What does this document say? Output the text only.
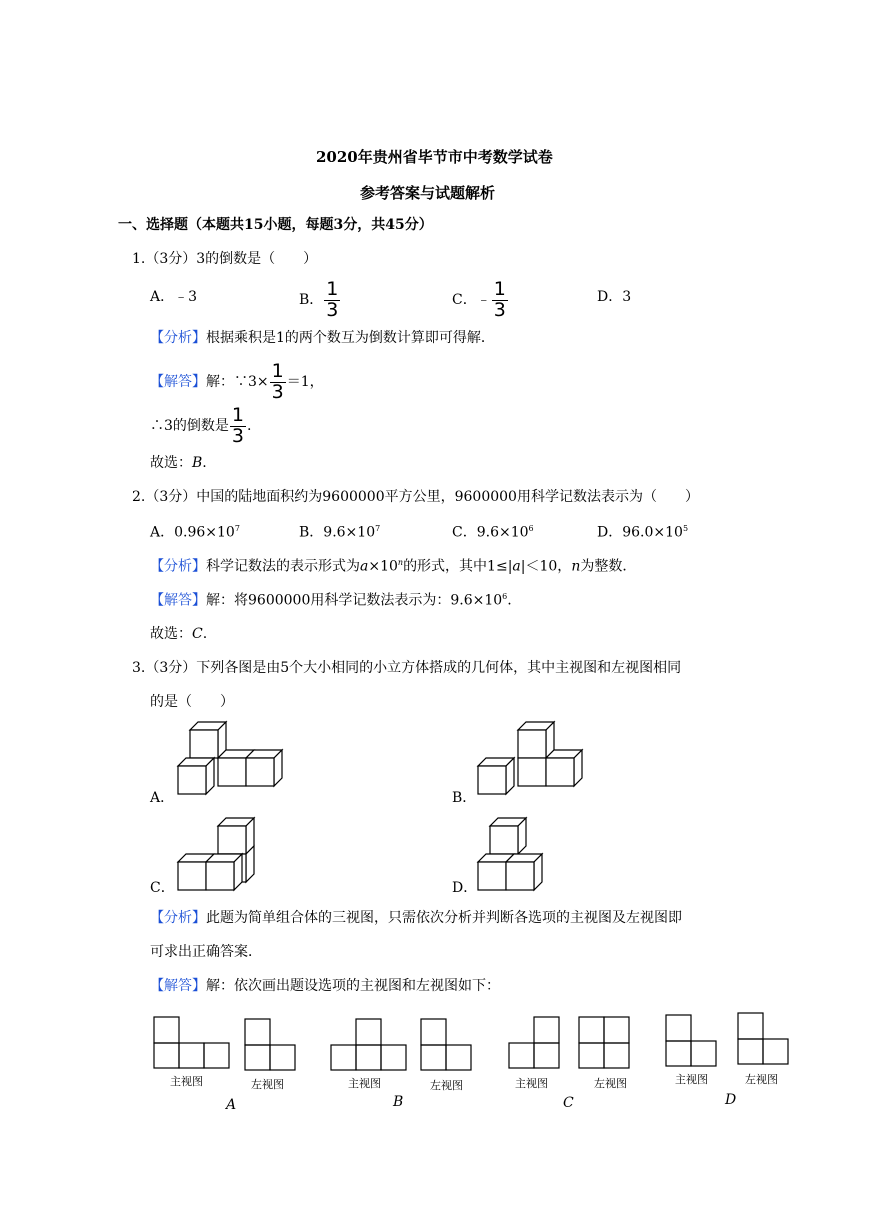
2020年贵州省毕节市中考数学试卷
参考答案与试题解析
一、选择题（本题共15小题，每题3分，共45分）
1.（3分）3的倒数是（　　）
A．﹣3	B． $\frac{1}{3}$	C．﹣ $\frac{1}{3}$	D．3
【分析】根据乘积是1的两个数互为倒数计算即可得解．
【解答】解：∵3× $\frac{1}{3} =1$，
∴3的倒数是 $\frac{1}{3}$ .
故选：B.
2.（3分）中国的陆地面积约为9600000平方公里，9600000用科学记数法表示为（　　）
A．$0.96\times 10^7$	B．$9.6\times 10^7$	C．$9.6\times 10^6$	D．$96.0\times 10^5$
【分析】科学记数法的表示形式为$a\times 10^n$的形式，其中1≤|a|＜10，n为整数．
【解答】解：将9600000用科学记数法表示为：$9.6\times 10^6$.
故选：C.
3.（3分）下列各图是由5个大小相同的小立方体搭成的几何体，其中主视图和左视图相同
的是（　　）
A．	B．
C．	D．
【分析】此题为简单组合体的三视图，只需依次分析并判断各选项的主视图及左视图即
可求出正确答案．
【解答】解：依次画出题设选项的主视图和左视图如下：
主视图	左视图
A
主视图	左视图
B
主视图	左视图
C
主视图	左视图
D
